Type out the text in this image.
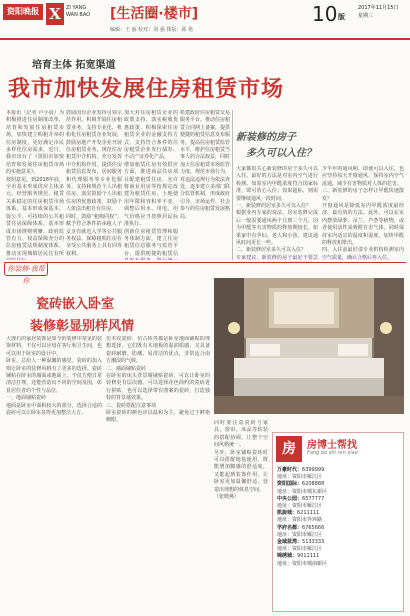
资阳晚报 X	ZI YANG
WAN BAO [生活圈·楼市]	10 版
2017年11月15日
星期三
编辑：王 丽 校对：刘 强 排版：邱 艳
培育主体 拓宽渠道
我市加快发展住房租赁市场
本报讯（记者 卢小晨）为积极推进住房制度改革，培育和发展住房租赁市场，加快建立购租并举的住房制度，更好满足市民多样化住房需求，近日，我市出台了《资阳市加快培育和发展住房租赁市场的实施意见》。
按照意见，到2018年底，全市基本形成供应主体多元、经营服务规范、租赁关系稳定的住房租赁市场体系，基本形成保基本、促公平、可持续的公共租赁住房保障体系，基本形成市场规则明晰、政府监管有力、权益保障充分的住房租赁法规制度体系，推动实现城镇居民住有所

鼓励国有企业发挥引领示范作用，积极开展住房租赁业务。支持专业化、机构化住房租赁企业发展，鼓励房地产开发企业开展住房租赁业务。规范住房租赁中介机构，充分发挥中介机构作用，提供住房租赁信息发布、居间服务和代理服务等专业化服务。支持和规范个人出租住房，落实鼓励个人出租住房的优惠政策，鼓励个人依法出租自有住房。
同时，鼓励“租购同权”，赋予符合条件的承租人子女享有就近入学等公共服务权益，保障租购住房在享受公共服务上具有同等权利。
加大对住房租赁企业的政策支持。落实税收优惠政策，积极探索住房租赁企业的金融支持方式，支持符合条件的住房租赁企业发行债券、不动产证券化产品。
增加租赁住房有效供应方面，推进商品住房项目配建租赁住房，允许将商业用房等按规定改建为租赁住房，土地使用年限和容积率不变，调整后用水、用电、用气价格应当按照居民标准执行。
创新住房租赁管理和服务体制方面，建立住房租赁信息服务与监管平台，提供便捷的租赁信
搭建政府住房租赁交易服务平台。推动住房租赁合同网上备案，提供便捷的租赁信息发布服务，提高住房租赁监管水平，维护住房租赁当事人的合法权益，同时加大住房租赁市场监管力度，规范市场行为，对违法违规行为依法查处，逐步建立多部门联合监管机制，形成政府引导、市场运作、社会参与的住房租赁发展格局。
新装修的房子
多久可以入住？
大家都很关心新装修的房子多久可以入住，最好的方法是对室内空气进行检测。如果室内甲醛浓度符合国家标准，即可放心入住；如果超标，则需要继续通风一段时间。
一、新装修的居室多久可以入住？
根据业内专家的说法，居室装修完成后一般需要通风两个月到三个月，因为甲醛等有害物质的释放期较长。如果家中有孕妇、老人和小孩，建议通风时间更长一些。
二、新装修居室多久可以入住？
专家建议，新装修的房子最好不要急
少半年的通风期。即使可以入住，也应坚持每天开窗通风，保持室内空气流通，减少有害物质对人体的危害。
三、新装修的房子怎样让甲醛快速散发？
开窗通风是降低室内甲醛浓度最经济、最有效的方法。此外，可以在室内摆放绿萝、吊兰、芦荟等植物，或者使用活性炭吸附有害气体，同时保持室内适宜的温度和湿度，加快甲醛的释放和排出。
四、入住前最好请专业机构检测室内空气质量，确认合格后再入住。
你装修·我帮你
瓷砖嵌入卧室
装修彰显别样风情
大理石的家居装饰是如今的装修中常见的装饰材料，不仅可以应用在客厅和卫生间，也可以用于卧室的设计中。
卧室，总给人一种温馨的感觉，瓷砖的加入则让卧室的装修风格有了更多的选择。瓷砖铺贴在卧室的墙面或地面上，不仅方便日常清洁打理，还能营造出不同的空间氛围，彰显居住者的个性与品位。
一、地面铺贴瓷砖
地面是卧室中面积较大的部分，选择合适的瓷砖可以让卧室显得更加整洁大方。
仿木纹瓷砖、仿古砖等都是卧室地面铺贴的理想选择，它们既有木地板的温润质感，又具备瓷砖耐磨、防潮、易清洁的优点，非常适合南方潮湿的气候。
二、墙面铺贴瓷砖
在卧室的床头背景墙铺贴瓷砖，可以让卧室的装修更有层次感。可以选择花色简约的瓷砖进行拼贴，也可以选择带有图案的瓷砖，打造独特的背景墙效果。
三、瓷砖搭配注意事项
卧室瓷砖的颜色应以温和为主，避免过于鲜艳刺眼。	同时要注意瓷砖与家具、窗帘、床品等软装的搭配协调，让整个空间风格统一。
另外，卧室铺贴瓷砖时可以搭配地毯使用，既能增加脚感的舒适度，又能起到装饰作用，让卧室更加温馨舒适，营造出理想的休息空间。
（张晓燕）
房	房博士帮找
Fang bo shi ren xiao
万豪时代：6399999
地址：资阳市雁江区
资阳国际：6208888
地址：资阳市城东新区
中央公园：6577777
地址：资阳市雁江区
凯旋城：6211111
地址：资阳市外环路
学府名都：6765666
地址：资阳市雁江区
金域蓝湾：5133333
地址：资阳市雁江区
锦绣城：9011111
地址：资阳市城南新区
